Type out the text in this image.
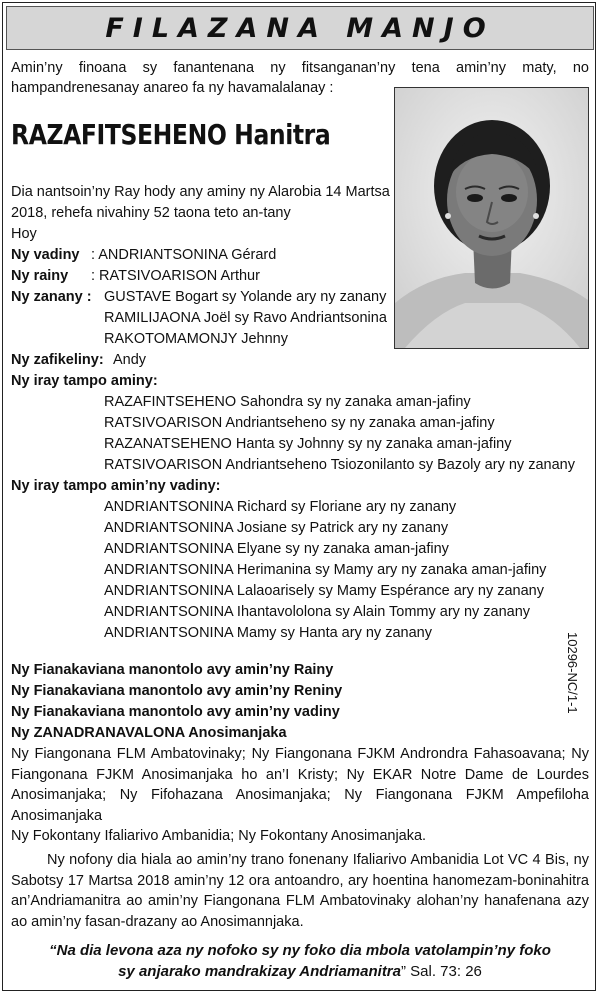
FILAZANA MANJO
Amin’ny finoana sy fanantenana ny fitsanganan’ny tena amin’ny maty, no hampandrenesanay anareo fa ny havamalalanay :
RAZAFITSEHENO Hanitra
Dia nantsoin’ny Ray hody any aminy ny Alarobia 14 Martsa
2018, rehefa nivahiny 52 taona teto an-tany
Hoy
Ny vadiny : ANDRIANTSONINA Gérard
Ny rainy : RATSIVOARISON Arthur
Ny zanany : GUSTAVE Bogart sy Yolande ary ny zanany
RAMILIJAONA Joël sy Ravo Andriantsonina
RAKOTOMAMONJY Jehnny
Ny zafikeliny: Andy
Ny iray tampo aminy:
RAZAFINTSEHENO Sahondra sy ny zanaka aman-jafiny
RATSIVOARISON Andriantseheno sy ny zanaka aman-jafiny
RAZANATSEHENO Hanta sy Johnny sy ny zanaka aman-jafiny
RATSIVOARISON Andriantseheno Tsiozonilanto sy Bazoly ary ny zanany
Ny iray tampo amin’ny vadiny:
ANDRIANTSONINA Richard sy Floriane ary ny zanany
ANDRIANTSONINA Josiane sy Patrick ary ny zanany
ANDRIANTSONINA Elyane sy ny zanaka aman-jafiny
ANDRIANTSONINA Herimanina sy Mamy ary ny zanaka aman-jafiny
ANDRIANTSONINA Lalaoarisely sy Mamy Espérance ary ny zanany
ANDRIANTSONINA Ihantavololona sy Alain Tommy ary ny zanany
ANDRIANTSONINA Mamy sy Hanta ary ny zanany	10296-NC/1-1
Ny Fianakaviana manontolo avy amin’ny Rainy
Ny Fianakaviana manontolo avy amin’ny Reniny
Ny Fianakaviana manontolo avy amin’ny vadiny
Ny ZANADRANAVALONA Anosimanjaka
Ny Fiangonana FLM Ambatovinaky; Ny Fiangonana FJKM Androndra Fahasoavana; Ny Fiangonana FJKM Anosimanjaka ho an’I Kristy; Ny EKAR Notre Dame de Lourdes Anosimanjaka; Ny Fifohazana Anosimanjaka; Ny Fiangonana FJKM Ampefiloha Anosimanjaka
Ny Fokontany Ifaliarivo Ambanidia; Ny Fokontany Anosimanjaka.
Ny nofony dia hiala ao amin’ny trano fonenany Ifaliarivo Ambanidia Lot VC 4 Bis, ny Sabotsy 17 Martsa 2018 amin’ny 12 ora antoandro, ary hoentina hanomezam-boninahitra an’Andriamanitra ao amin’ny Fiangonana FLM Ambatovinaky alohan’ny hanafenana azy ao amin’ny fasan-drazany ao Anosimannjaka.
“Na dia levona aza ny nofoko sy ny foko dia mbola vatolampin’ny foko
sy anjarako mandrakizay Andriamanitra” Sal. 73: 26
